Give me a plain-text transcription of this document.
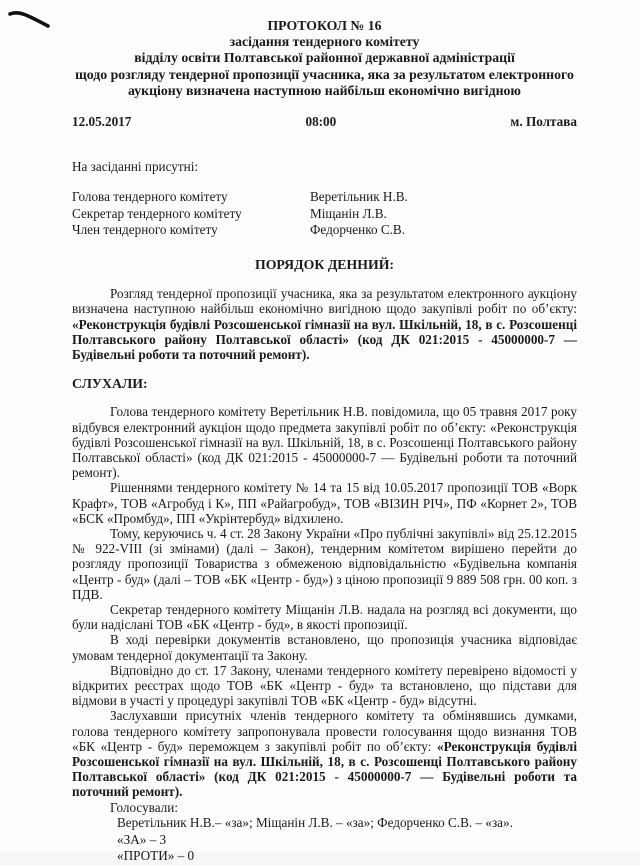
ПРОТОКОЛ № 16
засідання тендерного комітету
відділу освіти Полтавської районної державної адміністрації
щодо розгляду тендерної пропозиції учасника, яка за результатом електронного
аукціону визначена наступною найбільш економічно вигідною
12.05.2017	08:00	м. Полтава
На засіданні присутні:
Голова тендерного комітету	Веретільник Н.В.
Секретар тендерного комітету	Міщанін Л.В.
Член тендерного комітету	Федорченко С.В.
ПОРЯДОК ДЕННИЙ:

Розгляд тендерної пропозиції учасника, яка за результатом електронного аукціону визначена наступною найбільш економічно вигідною щодо закупівлі робіт по об’єкту: «Реконструкція будівлі Розсошенської гімназії на вул. Шкільній, 18, в с. Розсошенці Полтавського району Полтавської області» (код ДК 021:2015 - 45000000-7 — Будівельні роботи та поточний ремонт).

СЛУХАЛИ:

Голова тендерного комітету Веретільник Н.В. повідомила, що 05 травня 2017 року відбувся електронний аукціон щодо предмета закупівлі робіт по об’єкту: «Реконструкція будівлі Розсошенської гімназії на вул. Шкільній, 18, в с. Розсошенці Полтавського району Полтавської області» (код ДК 021:2015 - 45000000-7 — Будівельні роботи та поточний ремонт).

Рішеннями тендерного комітету № 14 та 15 від 10.05.2017 пропозиції ТОВ «Ворк Крафт», ТОВ «Агробуд і К», ПП «Райагробуд», ТОВ «ВІЗИН РІЧ», ПФ «Корнет 2», ТОВ «БСК «Промбуд», ПП «Укрінтербуд» відхилено.

Тому, керуючись ч. 4 ст. 28 Закону України «Про публічні закупівлі» від 25.12.2015 № 922-VIII (зі змінами) (далі – Закон), тендерним комітетом вирішено перейти до розгляду пропозиції Товариства з обмеженою відповідальністю «Будівельна компанія «Центр - буд» (далі – ТОВ «БК «Центр - буд») з ціною пропозиції 9 889 508 грн. 00 коп. з ПДВ.

Секретар тендерного комітету Міщанін Л.В. надала на розгляд всі документи, що були надіслані ТОВ «БК «Центр - буд», в якості пропозиції.

В ході перевірки документів встановлено, що пропозиція учасника відповідає умовам тендерної документації та Закону.

Відповідно до ст. 17 Закону, членами тендерного комітету перевірено відомості у відкритих реєстрах щодо ТОВ «БК «Центр - буд» та встановлено, що підстави для відмови в участі у процедурі закупівлі ТОВ «БК «Центр - буд» відсутні.

Заслухавши присутніх членів тендерного комітету та обмінявшись думками, голова тендерного комітету запропонувала провести голосування щодо визнання ТОВ «БК «Центр - буд» переможцем з закупівлі робіт по об’єкту: «Реконструкція будівлі Розсошенської гімназії на вул. Шкільній, 18, в с. Розсошенці Полтавського району Полтавської області» (код ДК 021:2015 - 45000000-7 — Будівельні роботи та поточний ремонт).

Голосували:
Веретільник Н.В.– «за»; Міщанін Л.В. – «за»; Федорченко С.В. – «за».
«ЗА» – 3
«ПРОТИ» – 0
